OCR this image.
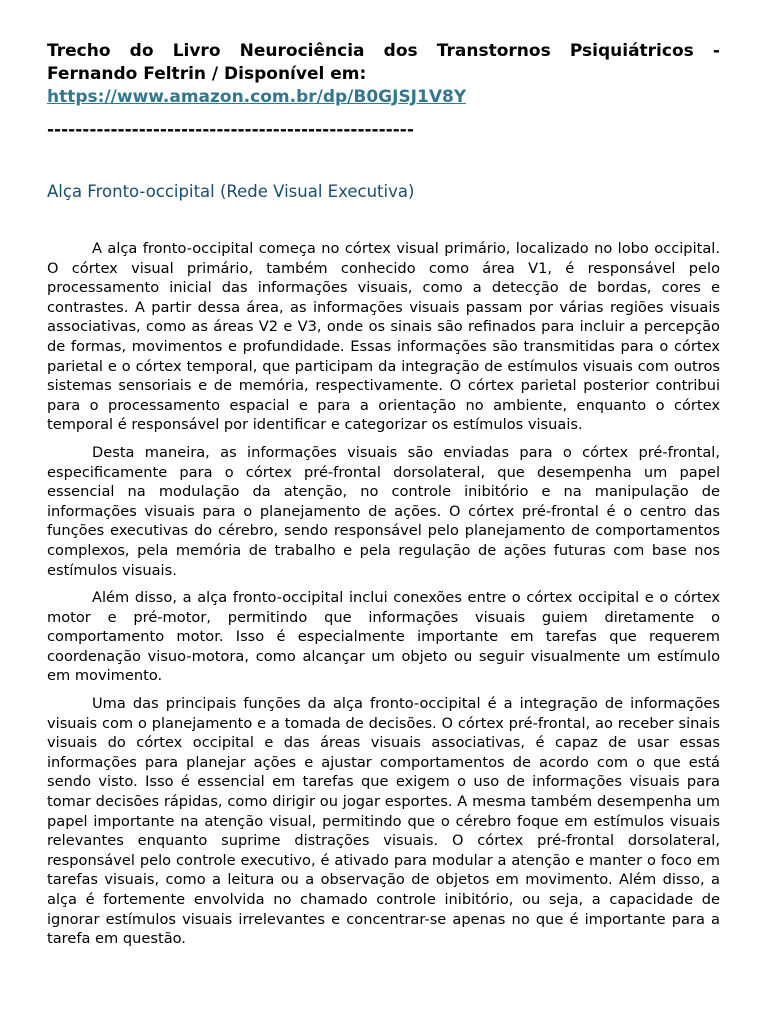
Trecho do Livro Neurociência dos Transtornos Psiquiátricos - Fernando Feltrin / Disponível em:
https://www.amazon.com.br/dp/B0GJSJ1V8Y
----------------------------------------------------
Alça Fronto-occipital (Rede Visual Executiva)

A alça fronto-occipital começa no córtex visual primário, localizado no lobo occipital. O córtex visual primário, também conhecido como área V1, é responsável pelo processamento inicial das informações visuais, como a detecção de bordas, cores e contrastes. A partir dessa área, as informações visuais passam por várias regiões visuais associativas, como as áreas V2 e V3, onde os sinais são refinados para incluir a percepção de formas, movimentos e profundidade. Essas informações são transmitidas para o córtex parietal e o córtex temporal, que participam da integração de estímulos visuais com outros sistemas sensoriais e de memória, respectivamente. O córtex parietal posterior contribui para o processamento espacial e para a orientação no ambiente, enquanto o córtex temporal é responsável por identificar e categorizar os estímulos visuais.

Desta maneira, as informações visuais são enviadas para o córtex pré-frontal, especificamente para o córtex pré-frontal dorsolateral, que desempenha um papel essencial na modulação da atenção, no controle inibitório e na manipulação de informações visuais para o planejamento de ações. O córtex pré-frontal é o centro das funções executivas do cérebro, sendo responsável pelo planejamento de comportamentos complexos, pela memória de trabalho e pela regulação de ações futuras com base nos estímulos visuais.

Além disso, a alça fronto-occipital inclui conexões entre o córtex occipital e o córtex motor e pré-motor, permitindo que informações visuais guiem diretamente o comportamento motor. Isso é especialmente importante em tarefas que requerem coordenação visuo-motora, como alcançar um objeto ou seguir visualmente um estímulo em movimento.

Uma das principais funções da alça fronto-occipital é a integração de informações visuais com o planejamento e a tomada de decisões. O córtex pré-frontal, ao receber sinais visuais do córtex occipital e das áreas visuais associativas, é capaz de usar essas informações para planejar ações e ajustar comportamentos de acordo com o que está sendo visto. Isso é essencial em tarefas que exigem o uso de informações visuais para tomar decisões rápidas, como dirigir ou jogar esportes. A mesma também desempenha um papel importante na atenção visual, permitindo que o cérebro foque em estímulos visuais relevantes enquanto suprime distrações visuais. O córtex pré-frontal dorsolateral, responsável pelo controle executivo, é ativado para modular a atenção e manter o foco em tarefas visuais, como a leitura ou a observação de objetos em movimento. Além disso, a alça é fortemente envolvida no chamado controle inibitório, ou seja, a capacidade de ignorar estímulos visuais irrelevantes e concentrar-se apenas no que é importante para a tarefa em questão.
